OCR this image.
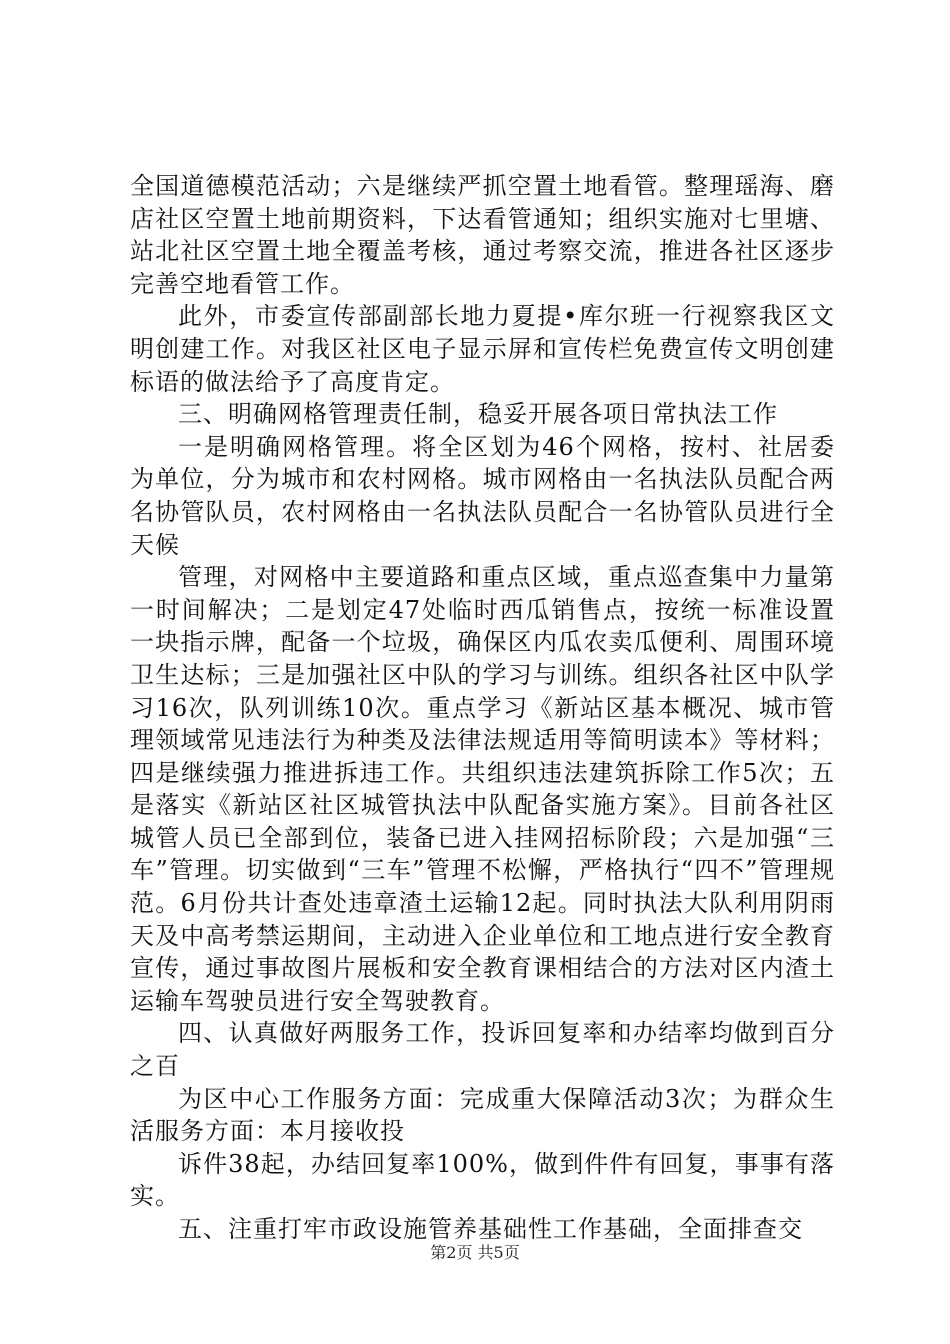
全国道德模范活动；六是继续严抓空置土地看管。整理瑶海、磨店社区空置土地前期资料，下达看管通知；组织实施对七里塘、站北社区空置土地全覆盖考核，通过考察交流，推进各社区逐步完善空地看管工作。

此外，市委宣传部副部长地力夏提•库尔班一行视察我区文明创建工作。对我区社区电子显示屏和宣传栏免费宣传文明创建标语的做法给予了高度肯定。

三、明确网格管理责任制，稳妥开展各项日常执法工作

一是明确网格管理。将全区划为46个网格，按村、社居委为单位，分为城市和农村网格。城市网格由一名执法队员配合两名协管队员，农村网格由一名执法队员配合一名协管队员进行全天候

管理，对网格中主要道路和重点区域，重点巡查集中力量第一时间解决；二是划定47处临时西瓜销售点，按统一标准设置一块指示牌，配备一个垃圾，确保区内瓜农卖瓜便利、周围环境卫生达标；三是加强社区中队的学习与训练。组织各社区中队学习16次，队列训练10次。重点学习《新站区基本概况、城市管理领域常见违法行为种类及法律法规适用等简明读本》等材料；四是继续强力推进拆违工作。共组织违法建筑拆除工作5次；五是落实《新站区社区城管执法中队配备实施方案》。目前各社区城管人员已全部到位，装备已进入挂网招标阶段；六是加强“三车”管理。切实做到“三车”管理不松懈，严格执行“四不”管理规范。6月份共计查处违章渣土运输12起。同时执法大队利用阴雨天及中高考禁运期间，主动进入企业单位和工地点进行安全教育宣传，通过事故图片展板和安全教育课相结合的方法对区内渣土运输车驾驶员进行安全驾驶教育。

四、认真做好两服务工作，投诉回复率和办结率均做到百分之百

为区中心工作服务方面：完成重大保障活动3次；为群众生活服务方面：本月接收投

诉件38起，办结回复率100%，做到件件有回复，事事有落实。

五、注重打牢市政设施管养基础性工作基础，全面排查交

第2页 共5页
